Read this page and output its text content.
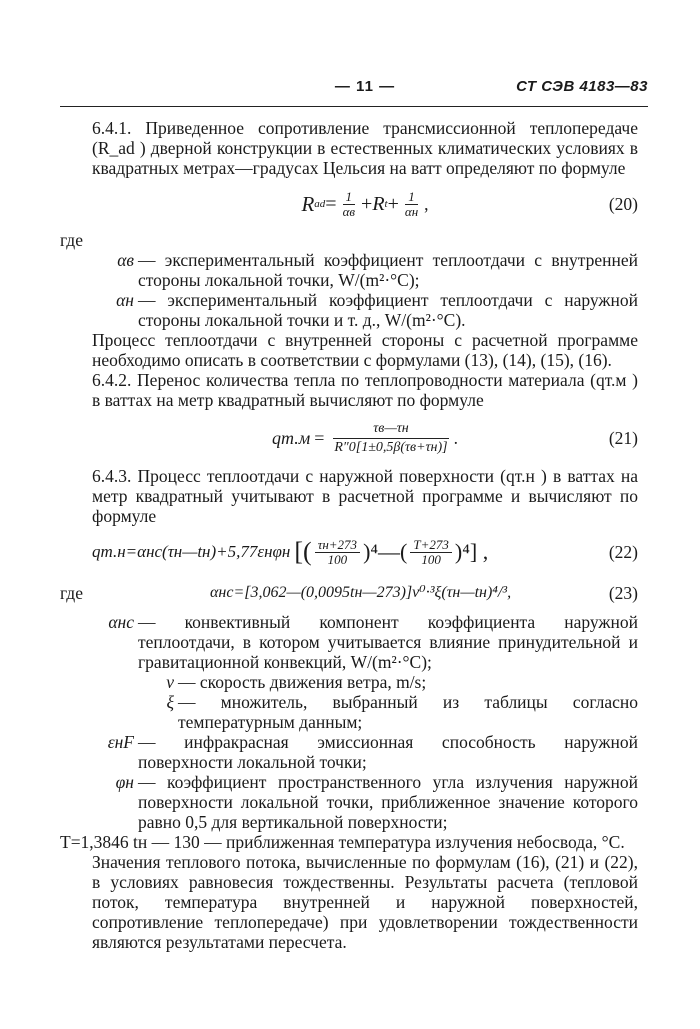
— 11 —	СТ СЭВ 4183—83

6.4.1. Приведенное сопротивление трансмиссионной теплопередаче (R_ad ) дверной конструкции в естественных климатических условиях в квадратных метрах—градусах Цельсия на ватт определяют по формуле

R ad = $\frac{1}{\alpha в} + R$ $t + \frac{1}{\alpha н}$ ,	(20)

где

αв — экспериментальный коэффициент теплоотдачи с внутренней стороны локальной точки, W/(m²·°C);
αн — экспериментальный коэффициент теплоотдачи с наружной стороны локальной точки и т. д., W/(m²·°C).

Процесс теплоотдачи с внутренней стороны с расчетной программе необходимо описать в соответствии с формулами (13), (14), (15), (16).

6.4.2. Перенос количества тепла по теплопроводности материала (qт.м ) в ваттах на метр квадратный вычисляют по формуле

$qт.м = \frac{\tau в—\tau н}{R''0[1\pm 0,5\beta(\tau в+\tau н)]}$ .	(21)

6.4.3. Процесс теплоотдачи с наружной поверхности (qт.н ) в ваттах на метр квадратный учитывают в расчетной программе и вычисляют по формуле

qт.н=αнс(τн—tн)+5,77εнφн [( $\frac{\tau н+273}{100}$ )⁴—( $\frac{T+273}{100} )^4$] ,	(22)
где	αнс=[3,062—(0,0095tн—273)]v⁰·³ξ(τн—tн)⁴/³,	(23)
αнс — конвективный компонент коэффициента наружной теплоотдачи, в котором учитывается влияние принудительной и гравитационной конвекций, W/(m²·°C);
v — скорость движения ветра, m/s;
ξ — множитель, выбранный из таблицы согласно температурным данным;
εнF — инфракрасная эмиссионная способность наружной поверхности локальной точки;
φн — коэффициент пространственного угла излучения наружной поверхности локальной точки, приближенное значение которого равно 0,5 для вертикальной поверхности;

T=1,3846 tн — 130 — приближенная температура излучения небосвода, °C.

Значения теплового потока, вычисленные по формулам (16), (21) и (22), в условиях равновесия тождественны. Результаты расчета (тепловой поток, температура внутренней и наружной поверхностей, сопротивление теплопередаче) при удовлетворении тождественности являются результатами пересчета.
